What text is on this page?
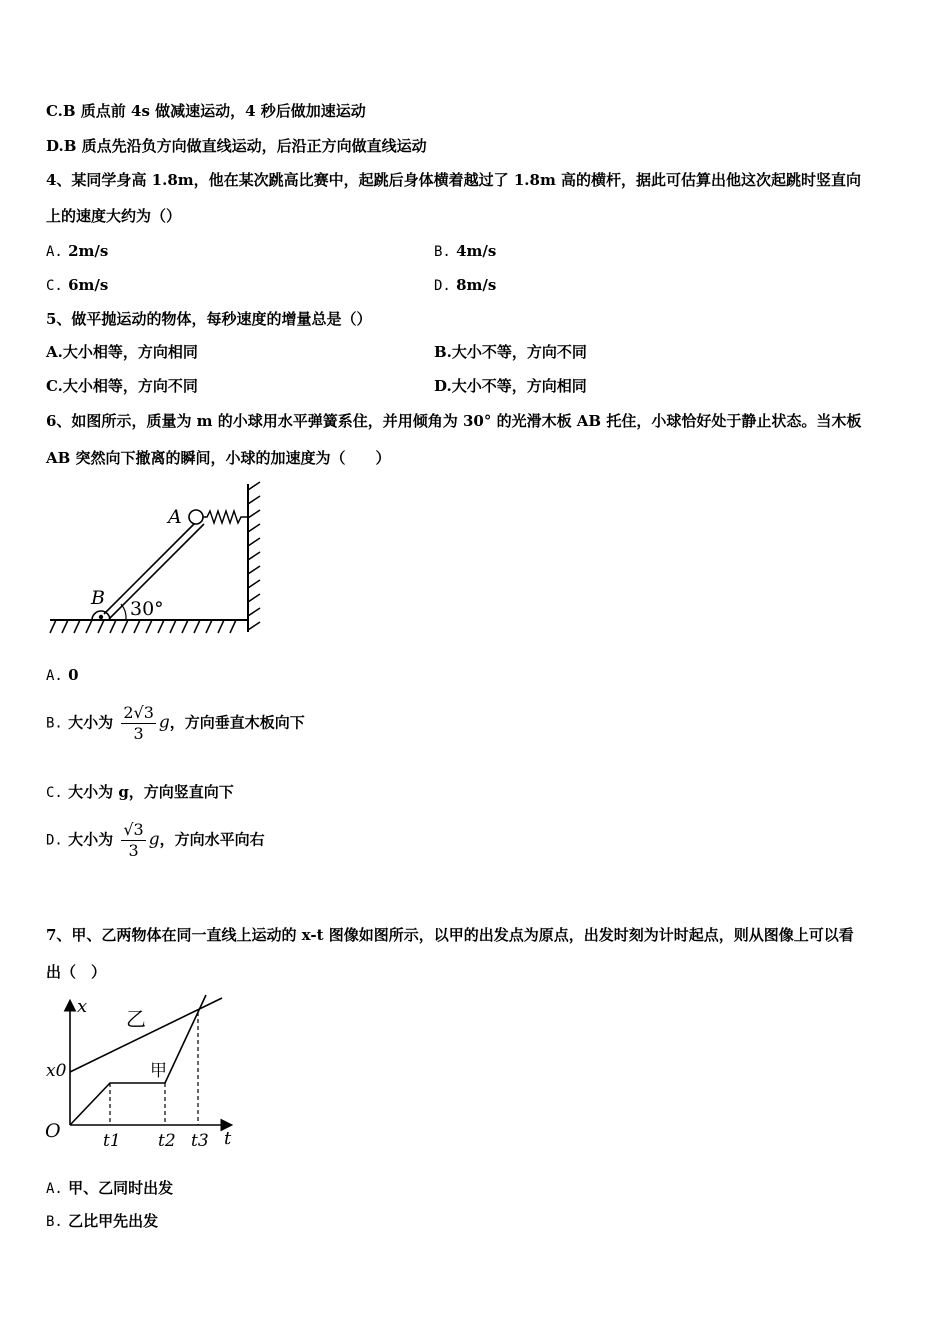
C.B 质点前 4s 做减速运动，4 秒后做加速运动
D.B 质点先沿负方向做直线运动，后沿正方向做直线运动
4、某同学身高 1.8m，他在某次跳高比赛中，起跳后身体横着越过了 1.8m 高的横杆，据此可估算出他这次起跳时竖直向
上的速度大约为（）
A. 2m/s	B. 4m/s
C. 6m/s	D. 8m/s
5、做平抛运动的物体，每秒速度的增量总是（）
A.大小相等，方向相同	B.大小不等，方向不同
C.大小相等，方向不同	D.大小不等，方向相同
6、如图所示，质量为 m 的小球用水平弹簧系住，并用倾角为 30° 的光滑木板 AB 托住，小球恰好处于静止状态。当木板
AB 突然向下撤离的瞬间，小球的加速度为（　　）
A
B 30°
A. 0
B. 大小为 $\frac{2√3}{3}$ g，方向垂直木板向下
C. 大小为 g，方向竖直向下
D. 大小为 $\frac{√3}{3}$ g，方向水平向右
7、甲、乙两物体在同一直线上运动的 x-t 图像如图所示，以甲的出发点为原点，出发时刻为计时起点，则从图像上可以看
出（　）
x
t
O
x0
t1 t2 t3
乙
甲
A. 甲、乙同时出发
B. 乙比甲先出发
